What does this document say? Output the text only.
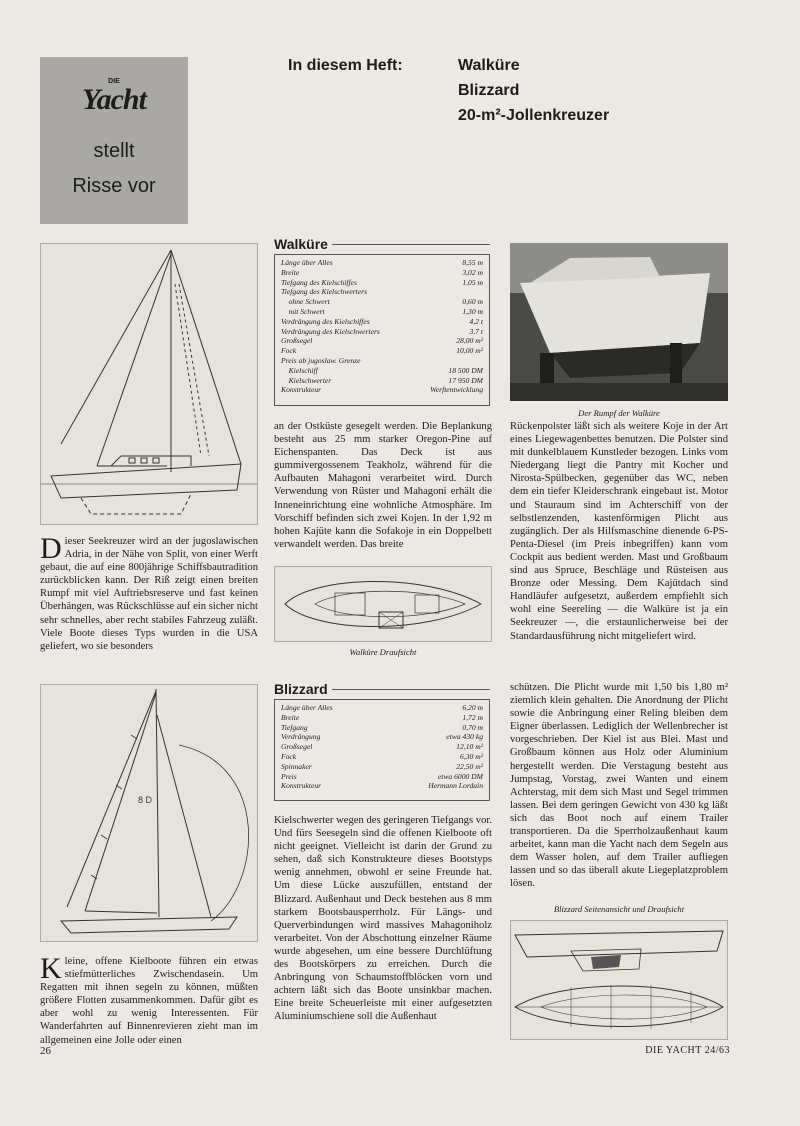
DIE
Yacht
stellt
Risse vor
In diesem Heft:	Walküre
Blizzard
20-m²-Jollenkreuzer
Walküre
Länge über Alles	8,55 m
Breite	3,02 m
Tiefgang des Kielschiffes	1,05 m
Tiefgang des Kielschwerters
ohne Schwert	0,60 m
mit Schwert	1,30 m
Verdrängung des Kielschiffes	4,2 t
Verdrängung des Kielschwerters	3,7 t
Großsegel	28,00 m²
Fock	10,00 m²
Preis ab jugoslaw. Grenze
Kielschiff	18 500 DM
Kielschwerter	17 950 DM
Konstrukteur	Werftentwicklung
Der Rumpf der Walküre

Dieser Seekreuzer wird an der jugoslawischen Adria, in der Nähe von Split, von einer Werft gebaut, die auf eine 800jährige Schiffsbautradition zurückblicken kann. Der Riß zeigt einen breiten Rumpf mit viel Auftriebsreserve und fast keinen Überhängen, was Rückschlüsse auf ein sicher nicht sehr schnelles, aber recht stabiles Fahrzeug zuläßt. Viele Boote dieses Typs wurden in die USA geliefert, wo sie besonders

an der Ostküste gesegelt werden. Die Beplankung besteht aus 25 mm starker Oregon-Pine auf Eichenspanten. Das Deck ist aus gummivergossenem Teakholz, während für die Aufbauten Mahagoni verarbeitet wird. Durch Verwendung von Rüster und Mahagoni erhält die Inneneinrichtung eine wohnliche Atmosphäre. Im Vorschiff befinden sich zwei Kojen. In der 1,92 m hohen Kajüte kann die Sofakoje in ein Doppelbett verwandelt werden. Das breite

Walküre Draufsicht

Rückenpolster läßt sich als weitere Koje in der Art eines Liegewagenbettes benutzen. Die Polster sind mit dunkelblauem Kunstleder bezogen. Links vom Niedergang liegt die Pantry mit Kocher und Nirosta-Spülbecken, gegenüber das WC, neben dem ein tiefer Kleiderschrank eingebaut ist. Motor und Stauraum sind im Achterschiff von der selbstlenzenden, kastenförmigen Plicht aus zugänglich. Der als Hilfsmaschine dienende 6-PS-Penta-Diesel (im Preis inbegriffen) kann vom Cockpit aus bedient werden. Mast und Großbaum sind aus Spruce, Beschläge und Rüsteisen aus Bronze oder Messing. Dem Kajütdach sind Handläufer aufgesetzt, außerdem empfiehlt sich wohl eine Seereling — die Walküre ist ja ein Seekreuzer —, die erstaunlicherweise bei der Standardausführung nicht mitgeliefert wird.

8 D
Blizzard
Länge über Alles	6,20 m
Breite	1,72 m
Tiefgang	0,70 m
Verdrängung	etwa 430 kg
Großsegel	12,10 m²
Fock	6,30 m²
Spinnaker	22,50 m²
Preis	etwa 6000 DM
Konstrukteur	Hermann Lordain

Kleine, offene Kielboote führen ein etwas stiefmütterliches Zwischendasein. Um Regatten mit ihnen segeln zu können, müßten größere Flotten zusammenkommen. Dafür gibt es aber wohl zu wenig Interessenten. Für Wanderfahrten auf Binnenrevieren zieht man im allgemeinen eine Jolle oder einen

Kielschwerter wegen des geringeren Tiefgangs vor. Und fürs Seesegeln sind die offenen Kielboote oft nicht geeignet. Vielleicht ist darin der Grund zu sehen, daß sich Konstrukteure dieses Bootstyps wenig annehmen, obwohl er seine Freunde hat. Um diese Lücke auszufüllen, entstand der Blizzard. Außenhaut und Deck bestehen aus 8 mm starkem Bootsbausperrholz. Für Längs- und Querverbindungen wird massives Mahagoniholz verarbeitet. Von der Abschottung einzelner Räume wurde abgesehen, um eine bessere Durchlüftung des Bootskörpers zu erreichen. Durch die Anbringung von Schaumstoffblöcken vorn und achtern läßt sich das Boote unsinkbar machen. Eine breite Scheuerleiste mit einer aufgesetzten Aluminiumschiene soll die Außenhaut

schützen. Die Plicht wurde mit 1,50 bis 1,80 m² ziemlich klein gehalten. Die Anordnung der Plicht sowie die Anbringung einer Reling bleiben dem Eigner überlassen. Lediglich der Wellenbrecher ist vorgeschrieben. Der Kiel ist aus Blei. Mast und Großbaum können aus Holz oder Aluminium hergestellt werden. Die Verstagung besteht aus Jumpstag, Vorstag, zwei Wanten und einem Achterstag, mit dem sich Mast und Segel trimmen lassen. Bei dem geringen Gewicht von 430 kg läßt sich das Boot noch auf einem Trailer transportieren. Da die Sperrholzaußenhaut kaum arbeitet, kann man die Yacht nach dem Segeln aus dem Wasser holen, auf dem Trailer aufliegen lassen und so das überall akute Liegeplatzproblem lösen.

Blizzard Seitenansicht und Draufsicht
26	DIE YACHT 24/63
